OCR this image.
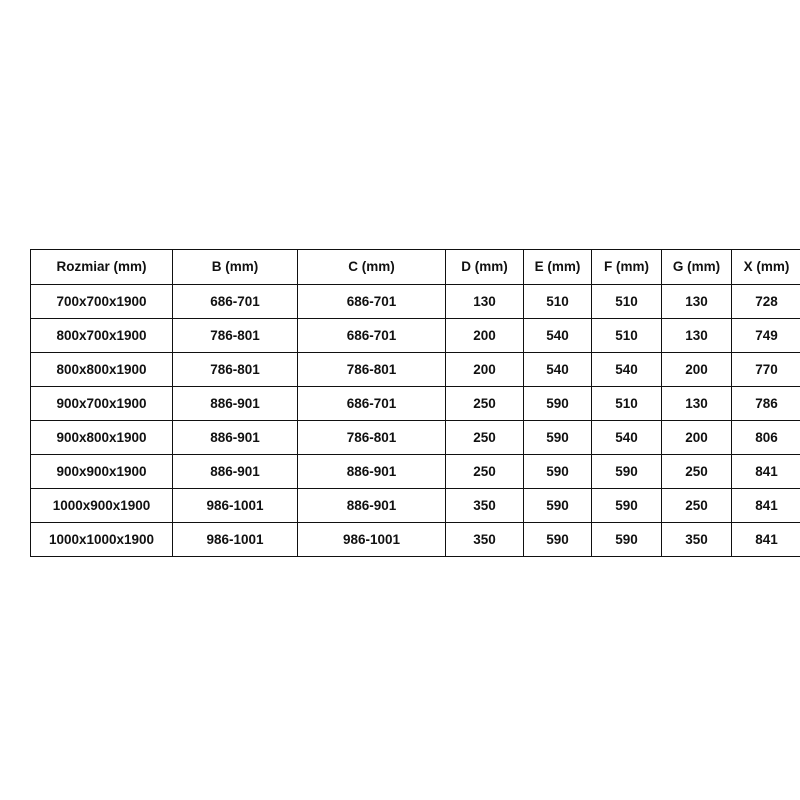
Rozmiar (mm)	B (mm)	C (mm)	D (mm)	E (mm)	F (mm)	G (mm)	X (mm)
700x700x1900	686-701	686-701	130	510	510	130	728
800x700x1900	786-801	686-701	200	540	510	130	749
800x800x1900	786-801	786-801	200	540	540	200	770
900x700x1900	886-901	686-701	250	590	510	130	786
900x800x1900	886-901	786-801	250	590	540	200	806
900x900x1900	886-901	886-901	250	590	590	250	841
1000x900x1900	986-1001	886-901	350	590	590	250	841
1000x1000x1900	986-1001	986-1001	350	590	590	350	841
